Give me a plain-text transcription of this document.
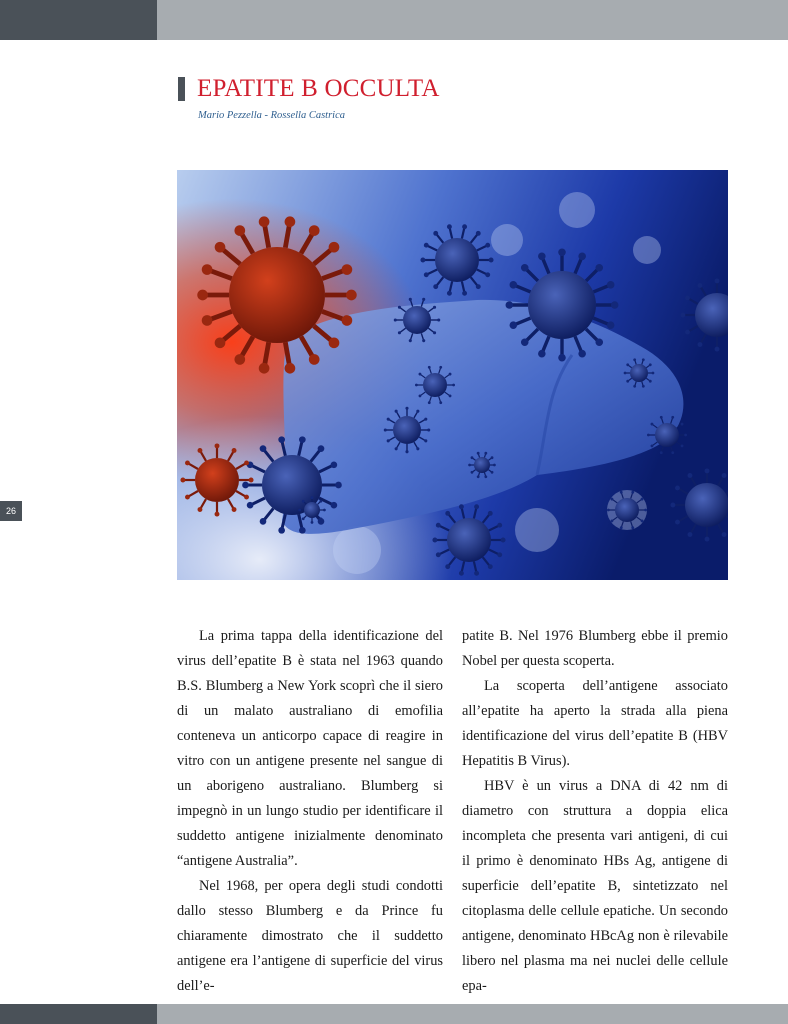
EPATITE B OCCULTA
Mario Pezzella - Rossella Castrica
26

La prima tappa della identificazione del virus dell’epatite B è stata nel 1963 quando B.S. Blumberg a New York scoprì che il siero di un malato australiano di emofilia conteneva un anticorpo capace di reagire in vitro con un antigene presente nel sangue di un aborigeno australiano. Blumberg si impegnò in un lungo studio per identificare il suddetto antigene inizialmente denominato “antigene Australia”.

Nel 1968, per opera degli studi condotti dallo stesso Blumberg e da Prince fu chiaramente dimostrato che il suddetto antigene era l’antigene di superficie del virus dell’e-

patite B. Nel 1976 Blumberg ebbe il premio Nobel per questa scoperta.

La scoperta dell’antigene associato all’epatite ha aperto la strada alla piena identificazione del virus dell’epatite B (HBV Hepatitis B Virus).

HBV è un virus a DNA di 42 nm di diametro con struttura a doppia elica incompleta che presenta vari antigeni, di cui il primo è denominato HBs Ag, antigene di superficie dell’epatite B, sintetizzato nel citoplasma delle cellule epatiche. Un secondo antigene, denominato HBcAg non è rilevabile libero nel plasma ma nei nuclei delle cellule epa-
